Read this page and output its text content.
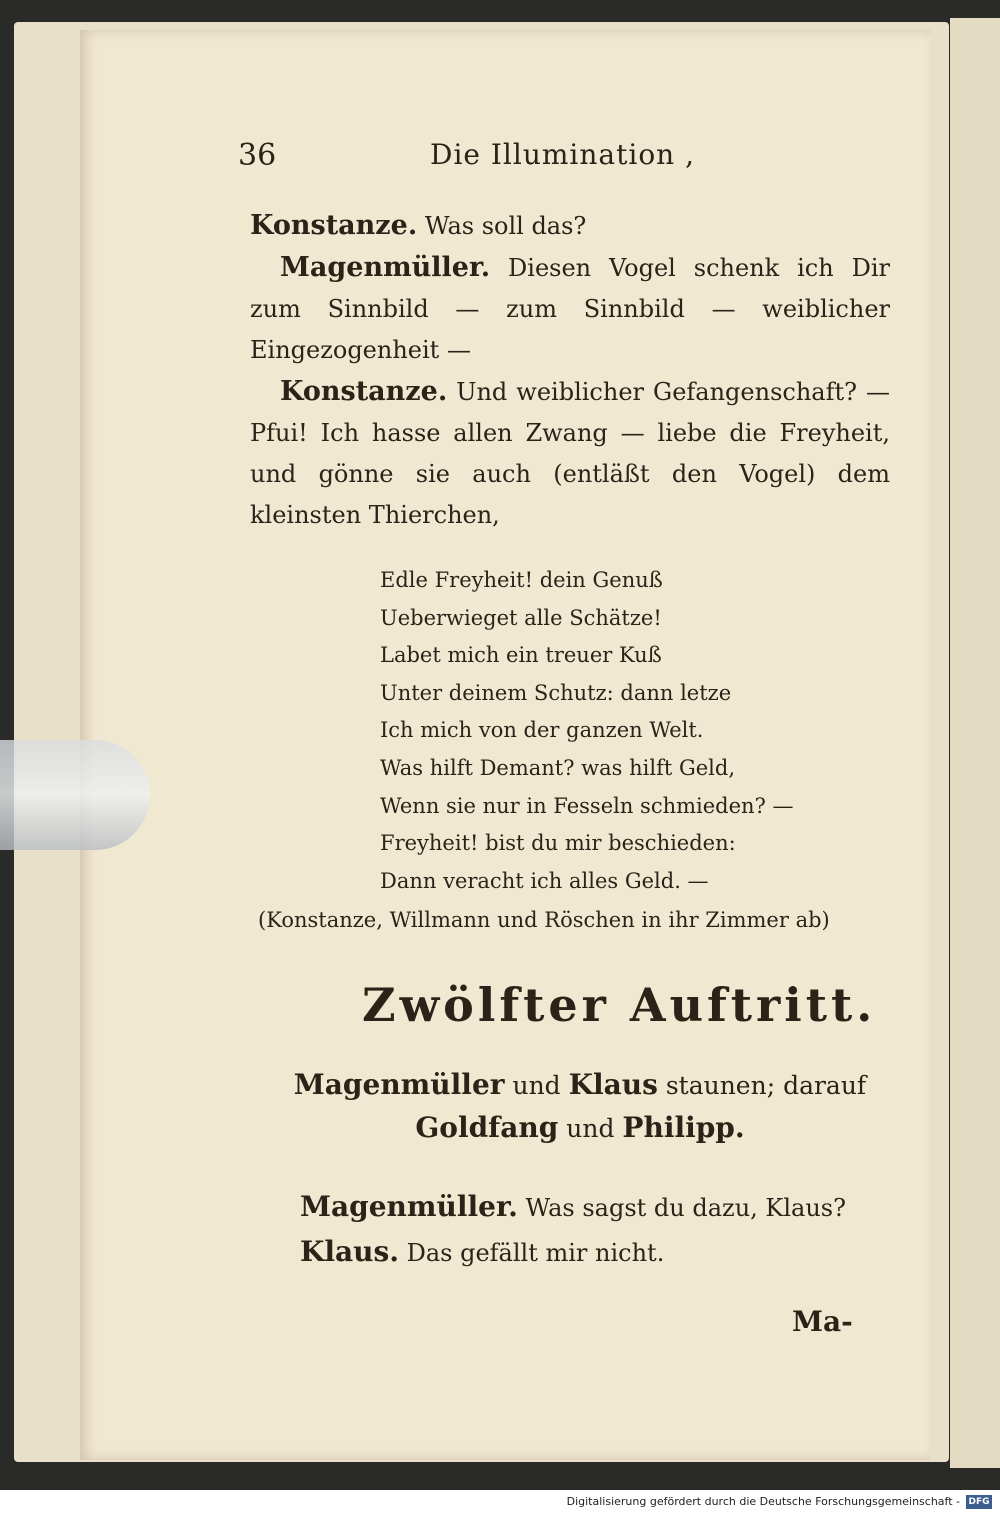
36	Die Illumination ,

Konstanze. Was soll das?

Magenmüller. Diesen Vogel schenk ich Dir zum Sinnbild — zum Sinnbild — weiblicher Eingezogenheit —

Konstanze. Und weiblicher Gefangenschaft? — Pfui! Ich hasse allen Zwang — liebe die Freyheit, und gönne sie auch (entläßt den Vogel) dem kleinsten Thierchen,

Edle Freyheit! dein Genuß
Ueberwieget alle Schätze!
Labet mich ein treuer Kuß
Unter deinem Schutz: dann letze
Ich mich von der ganzen Welt.
Was hilft Demant? was hilft Geld,
Wenn sie nur in Fesseln schmieden? —
Freyheit! bist du mir beschieden:
Dann veracht ich alles Geld. —
(Konstanze, Willmann und Röschen in ihr Zimmer ab)
Zwölfter Auftritt.
Magenmüller und Klaus staunen; darauf
Goldfang und Philipp.
Magenmüller. Was sagst du dazu, Klaus?
Klaus. Das gefällt mir nicht.
Ma-
Digitalisierung gefördert durch die Deutsche Forschungsgemeinschaft - DFG
